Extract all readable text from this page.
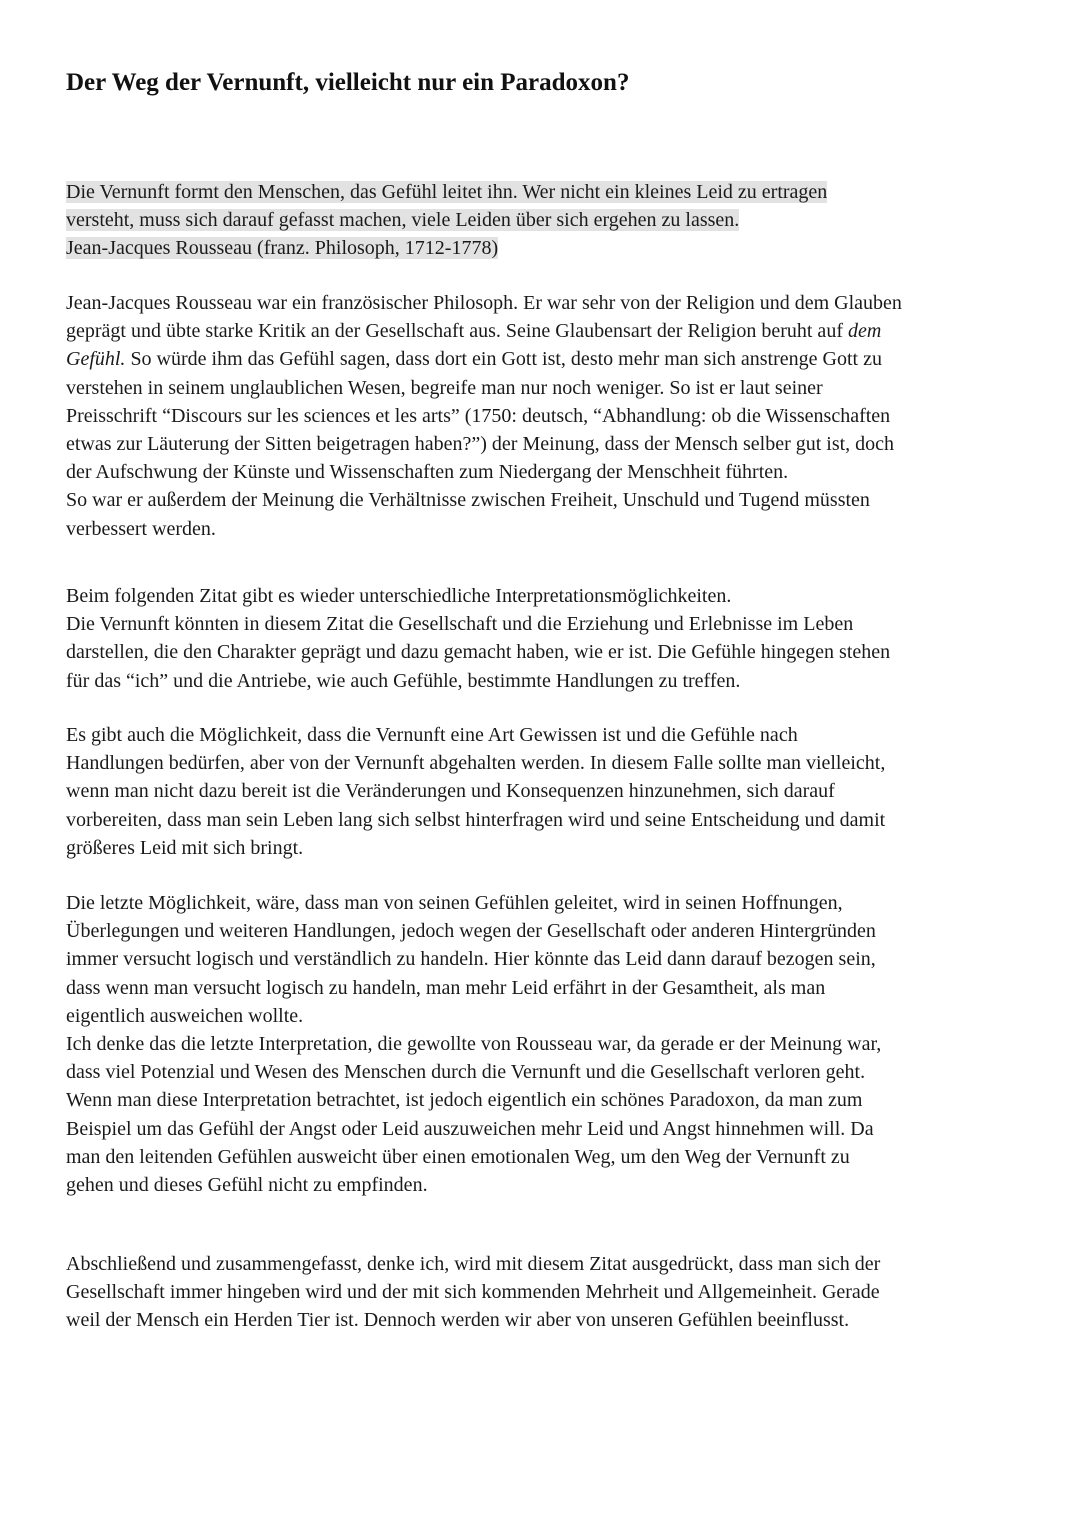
Der Weg der Vernunft, vielleicht nur ein Paradoxon?
Die Vernunft formt den Menschen, das Gefühl leitet ihn. Wer nicht ein kleines Leid zu ertragen
versteht, muss sich darauf gefasst machen, viele Leiden über sich ergehen zu lassen.
Jean-Jacques Rousseau (franz. Philosoph, 1712-1778)
Jean-Jacques Rousseau war ein französischer Philosoph. Er war sehr von der Religion und dem Glauben
geprägt und übte starke Kritik an der Gesellschaft aus. Seine Glaubensart der Religion beruht auf dem
Gefühl. So würde ihm das Gefühl sagen, dass dort ein Gott ist, desto mehr man sich anstrenge Gott zu
verstehen in seinem unglaublichen Wesen, begreife man nur noch weniger. So ist er laut seiner
Preisschrift “Discours sur les sciences et les arts” (1750: deutsch, “Abhandlung: ob die Wissenschaften
etwas zur Läuterung der Sitten beigetragen haben?”) der Meinung, dass der Mensch selber gut ist, doch
der Aufschwung der Künste und Wissenschaften zum Niedergang der Menschheit führten.
So war er außerdem der Meinung die Verhältnisse zwischen Freiheit, Unschuld und Tugend müssten
verbessert werden.
Beim folgenden Zitat gibt es wieder unterschiedliche Interpretationsmöglichkeiten.
Die Vernunft könnten in diesem Zitat die Gesellschaft und die Erziehung und Erlebnisse im Leben
darstellen, die den Charakter geprägt und dazu gemacht haben, wie er ist. Die Gefühle hingegen stehen
für das “ich” und die Antriebe, wie auch Gefühle, bestimmte Handlungen zu treffen.
Es gibt auch die Möglichkeit, dass die Vernunft eine Art Gewissen ist und die Gefühle nach
Handlungen bedürfen, aber von der Vernunft abgehalten werden. In diesem Falle sollte man vielleicht,
wenn man nicht dazu bereit ist die Veränderungen und Konsequenzen hinzunehmen, sich darauf
vorbereiten, dass man sein Leben lang sich selbst hinterfragen wird und seine Entscheidung und damit
größeres Leid mit sich bringt.
Die letzte Möglichkeit, wäre, dass man von seinen Gefühlen geleitet, wird in seinen Hoffnungen,
Überlegungen und weiteren Handlungen, jedoch wegen der Gesellschaft oder anderen Hintergründen
immer versucht logisch und verständlich zu handeln. Hier könnte das Leid dann darauf bezogen sein,
dass wenn man versucht logisch zu handeln, man mehr Leid erfährt in der Gesamtheit, als man
eigentlich ausweichen wollte.
Ich denke das die letzte Interpretation, die gewollte von Rousseau war, da gerade er der Meinung war,
dass viel Potenzial und Wesen des Menschen durch die Vernunft und die Gesellschaft verloren geht.
Wenn man diese Interpretation betrachtet, ist jedoch eigentlich ein schönes Paradoxon, da man zum
Beispiel um das Gefühl der Angst oder Leid auszuweichen mehr Leid und Angst hinnehmen will. Da
man den leitenden Gefühlen ausweicht über einen emotionalen Weg, um den Weg der Vernunft zu
gehen und dieses Gefühl nicht zu empfinden.
Abschließend und zusammengefasst, denke ich, wird mit diesem Zitat ausgedrückt, dass man sich der
Gesellschaft immer hingeben wird und der mit sich kommenden Mehrheit und Allgemeinheit. Gerade
weil der Mensch ein Herden Tier ist. Dennoch werden wir aber von unseren Gefühlen beeinflusst.
